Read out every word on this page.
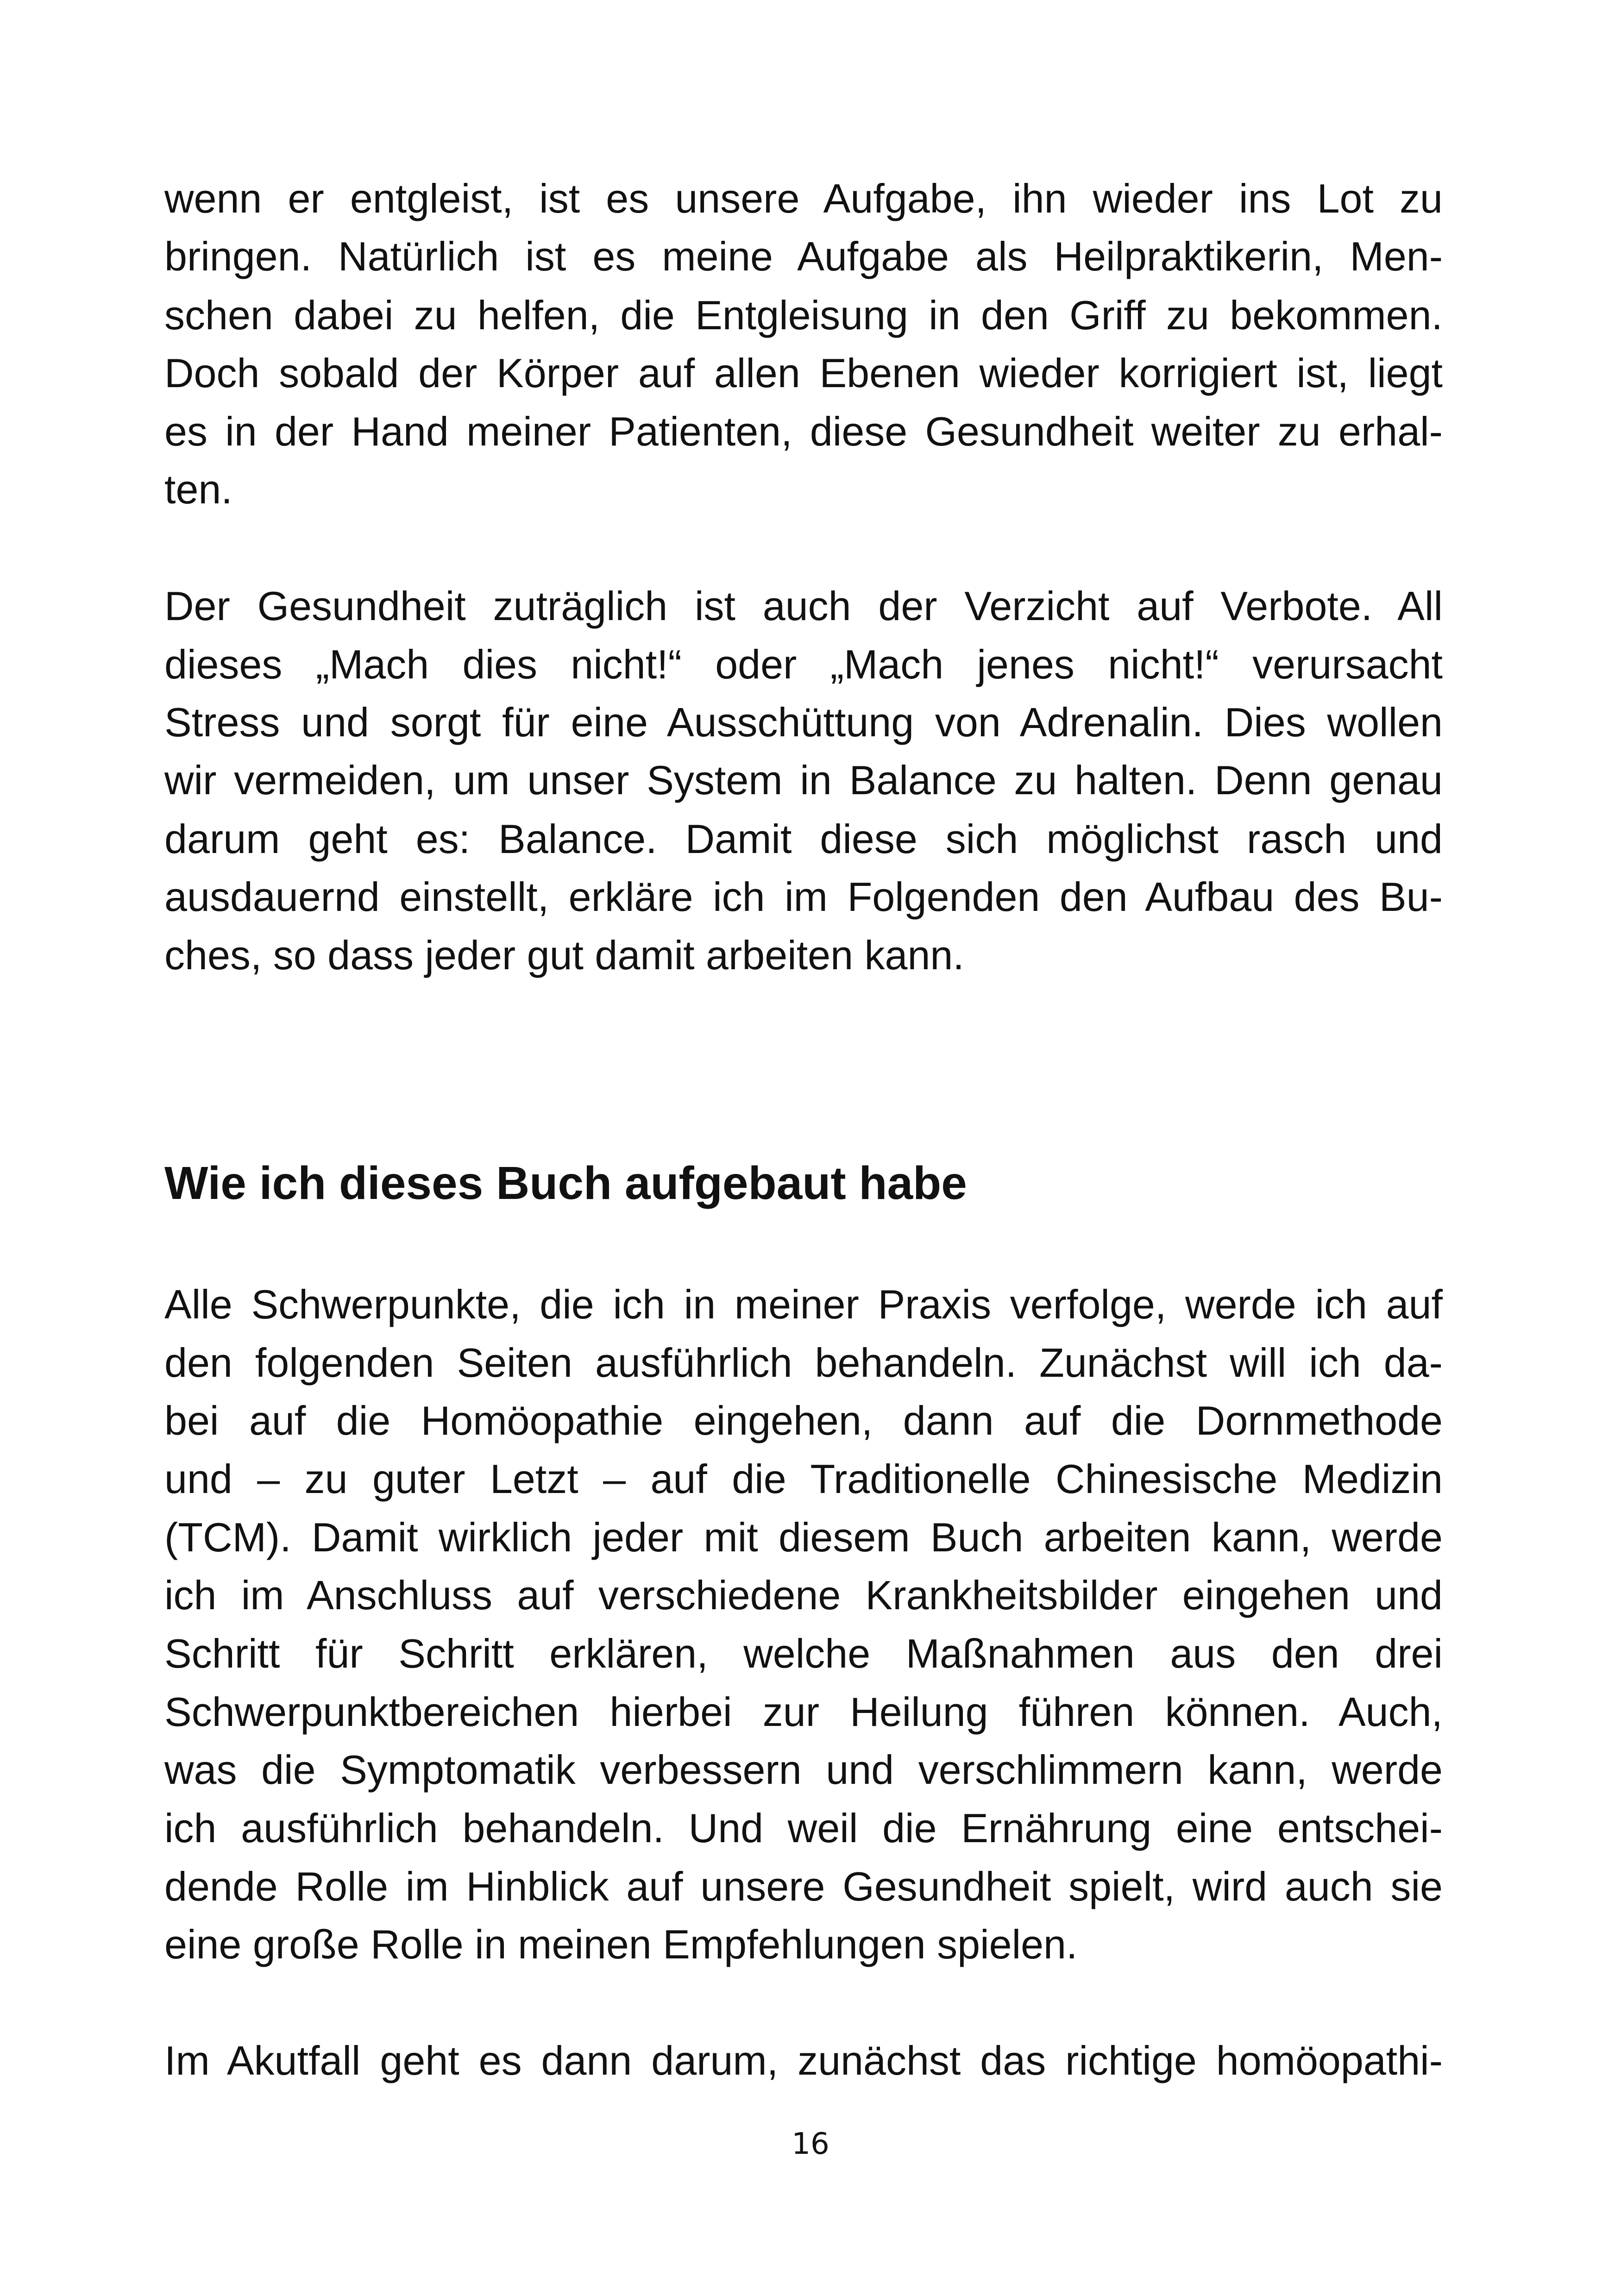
wenn er entgleist, ist es unsere Aufgabe, ihn wieder ins Lot zu

bringen. Natürlich ist es meine Aufgabe als Heilpraktikerin, Men-

schen dabei zu helfen, die Entgleisung in den Griff zu bekommen.

Doch sobald der Körper auf allen Ebenen wieder korrigiert ist, liegt

es in der Hand meiner Patienten, diese Gesundheit weiter zu erhal-

ten.

Der Gesundheit zuträglich ist auch der Verzicht auf Verbote. All

dieses „Mach dies nicht!“ oder „Mach jenes nicht!“ verursacht

Stress und sorgt für eine Ausschüttung von Adrenalin. Dies wollen

wir vermeiden, um unser System in Balance zu halten. Denn genau

darum geht es: Balance. Damit diese sich möglichst rasch und

ausdauernd einstellt, erkläre ich im Folgenden den Aufbau des Bu-

ches, so dass jeder gut damit arbeiten kann.

Wie ich dieses Buch aufgebaut habe

Alle Schwerpunkte, die ich in meiner Praxis verfolge, werde ich auf

den folgenden Seiten ausführlich behandeln. Zunächst will ich da-

bei auf die Homöopathie eingehen, dann auf die Dornmethode

und – zu guter Letzt – auf die Traditionelle Chinesische Medizin

(TCM). Damit wirklich jeder mit diesem Buch arbeiten kann, werde

ich im Anschluss auf verschiedene Krankheitsbilder eingehen und

Schritt für Schritt erklären, welche Maßnahmen aus den drei

Schwerpunktbereichen hierbei zur Heilung führen können. Auch,

was die Symptomatik verbessern und verschlimmern kann, werde

ich ausführlich behandeln. Und weil die Ernährung eine entschei-

dende Rolle im Hinblick auf unsere Gesundheit spielt, wird auch sie

eine große Rolle in meinen Empfehlungen spielen.

Im Akutfall geht es dann darum, zunächst das richtige homöopathi-

16
